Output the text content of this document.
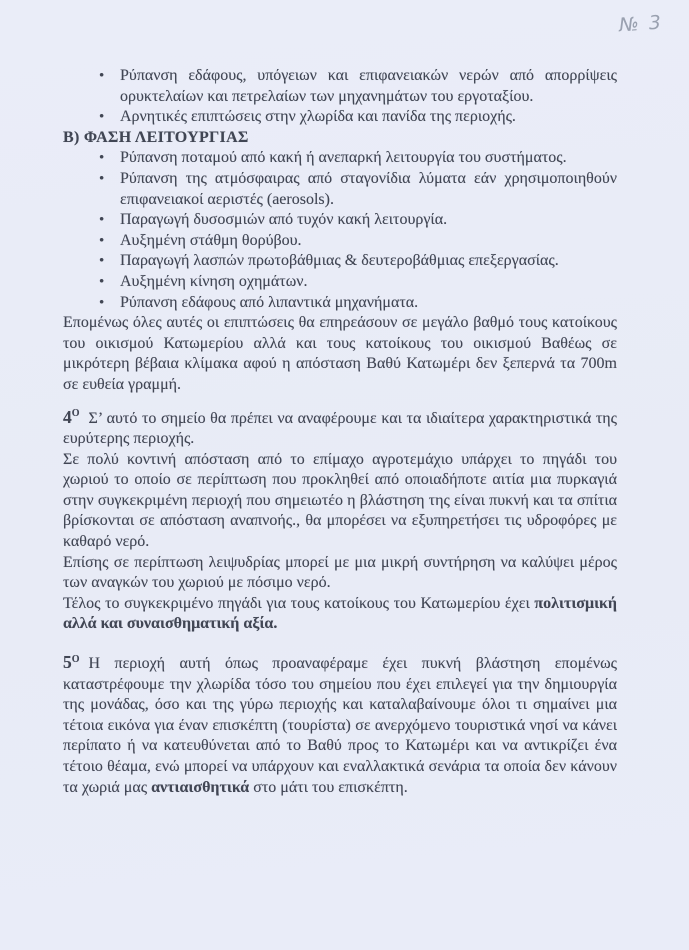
№ 3
• Ρύπανση εδάφους, υπόγειων και επιφανειακών νερών από απορρίψεις ορυκτελαίων και πετρελαίων των μηχανημάτων του εργοταξίου.
• Αρνητικές επιπτώσεις στην χλωρίδα και πανίδα της περιοχής.
Β) ΦΑΣΗ ΛΕΙΤΟΥΡΓΙΑΣ
• Ρύπανση ποταμού από κακή ή ανεπαρκή λειτουργία του συστήματος.
• Ρύπανση της ατμόσφαιρας από σταγονίδια λύματα εάν χρησιμοποιηθούν επιφανειακοί αεριστές (aerosols).
• Παραγωγή δυσοσμιών από τυχόν κακή λειτουργία.
• Αυξημένη στάθμη θορύβου.
• Παραγωγή λασπών πρωτοβάθμιας & δευτεροβάθμιας επεξεργασίας.
• Αυξημένη κίνηση οχημάτων.
• Ρύπανση εδάφους από λιπαντικά μηχανήματα.

Επομένως όλες αυτές οι επιπτώσεις θα επηρεάσουν σε μεγάλο βαθμό τους κατοίκους του οικισμού Κατωμερίου αλλά και τους κατοίκους του οικισμού Βαθέως σε μικρότερη βέβαια κλίμακα αφού η απόσταση Βαθύ Κατωμέρι δεν ξεπερνά τα 700m σε ευθεία γραμμή.

$4^O$ Σ’ αυτό το σημείο θα πρέπει να αναφέρουμε και τα ιδιαίτερα χαρακτηριστικά της ευρύτερης περιοχής.

Σε πολύ κοντινή απόσταση από το επίμαχο αγροτεμάχιο υπάρχει το πηγάδι του χωριού το οποίο σε περίπτωση που προκληθεί από οποιαδήποτε αιτία μια πυρκαγιά στην συγκεκριμένη περιοχή που σημειωτέο η βλάστηση της είναι πυκνή και τα σπίτια βρίσκονται σε απόσταση αναπνοής., θα μπορέσει να εξυπηρετήσει τις υδροφόρες με καθαρό νερό.

Επίσης σε περίπτωση λειψυδρίας μπορεί με μια μικρή συντήρηση να καλύψει μέρος των αναγκών του χωριού με πόσιμο νερό.

Τέλος το συγκεκριμένο πηγάδι για τους κατοίκους του Κατωμερίου έχει πολιτισμική αλλά και συναισθηματική αξία.

$5^O$ Η περιοχή αυτή όπως προαναφέραμε έχει πυκνή βλάστηση επομένως καταστρέφουμε την χλωρίδα τόσο του σημείου που έχει επιλεγεί για την δημιουργία της μονάδας, όσο και της γύρω περιοχής και καταλαβαίνουμε όλοι τι σημαίνει μια τέτοια εικόνα για έναν επισκέπτη (τουρίστα) σε ανερχόμενο τουριστικά νησί να κάνει περίπατο ή να κατευθύνεται από το Βαθύ προς το Κατωμέρι και να αντικρίζει ένα τέτοιο θέαμα, ενώ μπορεί να υπάρχουν και εναλλακτικά σενάρια τα οποία δεν κάνουν τα χωριά μας αντιαισθητικά στο μάτι του επισκέπτη.
